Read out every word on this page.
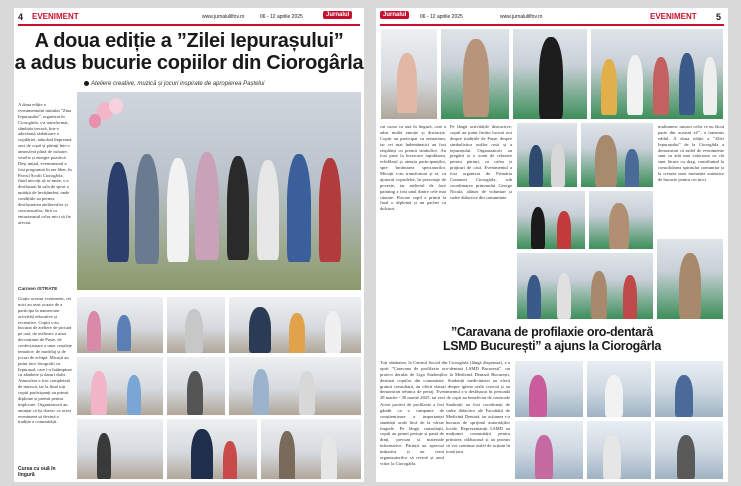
4 EVENIMENT	www.jurnalulilfov.ro	06 - 12 aprilie 2025	Jurnalul
A doua ediție a ”Zilei Iepurașului”
a adus bucurie copiilor din Ciorogârla
Ateliere creative, muzică și jocuri inspirate de apropierea Paștelui
A doua ediție a evenimentului intitulat ”Ziua Iepurașului”, organizat în Ciorogârla, s-a transformat, sâmbăta trecută, într-o adevărată sărbătoare a copilăriei, aducând împreună zeci de copii și părinți într-o atmosferă plină de culoare, veselie și energie pozitivă. Deși inițial, evenimentul a fost programat în aer liber, în Parcul Școlii Ciorogârla, fiind nevoiți să se mute, s-a desfășurat în sala de sport a unității de învățământ, unde condițiile au permis desfășurarea ateliererilor și concursurilor, fără ca entuziasmul celor mici să fie afectat.
Carmen ISTRATE
Grație acestui eveniment, cei mici au avut ocazia de a participa la numeroase activități educative și recreative. Copiii s-au bucurat de ateliere de pictură pe ouă, de realizare a unor decorațiuni de Paște, de confecționare a unor coșulețe tematice, de modelaj și de jocuri de echipă. Micuții au putut face fotografii cu Iepurașul, care i-a întâmpinat cu zâmbete și daruri dulci. Atmosfera a fost completată de muzică, iar la final toți copiii participanți au primit diplome și premii pentru implicare. Organizatorii au anunțat că își doresc ca acest eveniment să devină o tradiție a comunității.
Cursa cu ouă în lingură
Jurnalul	06 - 12 aprilie 2025	www.jurnalulilfov.ro	EVENIMENT 5
cat cursa cu ouă în lingură, care a adus multă emoție și distracție. Copiii au participat cu entuziasm, iar cei mai îndemânatici au fost răsplătiți cu premii simbolice. Au fost puse la încercare rapiditatea, echilibrul și atenția participanților, spre încântarea spectatorilor. Micuții s-au transformat și ei, cu ajutorul vopselelor, în personaje de poveste, iar atelierul de face painting a fost unul dintre cele mai căutate. Fiecare copil a primit la final o diplomă și un pachet cu dulciuri.
Pe lângă activitățile distractive, copiii au putut învăța lucruri noi despre tradițiile de Paște, despre simbolistica ouălor roșii și a iepurașului. Organizatorii au pregătit și o zonă de relaxare pentru părinți, cu cafea și prăjituri de casă. Evenimentul a fost organizat de Primăria Comunei Ciorogârla, sub coordonarea primarului George Nicula, alături de voluntari și cadre didactice din comunitate.
multumesc tuturor celor ce au făcut parte din această zi!”, a transmis edilul. A doua ediție a ”Zilei Iepurașului” de la Ciorogârla a demonstrat că astfel de evenimente sunt cu atât mai valoroase cu cât sunt făcute cu drag, contribuind la consolidarea spiritului comunitar și la crearea unor momente autentice de bucurie pentru cei mici.
”Caravana de profilaxie oro-dentară
LSMD București” a ajuns la Ciorogârla
Toți sănătatea, la Centrul Social din Ciorogârla (lângă dispensar), s-a oprit ”Caravana de profilaxie oro-dentară LSMD București”, un proiect derulat de Liga Studenților la Medicină Dentară București, destinat copiilor din comunitate. Studenții medicinistei au oferit gratuit consultații, au oferit sfaturi despre igiena orală corectă și au demonstrat tehnica de periaj. Evenimentul s-a desfășurat în perioada 28 martie - 30 martie 2025, iar zeci de copii au beneficiat de controale
Acest proiect de profilaxie a fost gândit ca o campanie de conștientizare a importanței sănătății orale încă de la vârste fragede. Pe lângă consultații, copiii au primit periuțe și pastă de dinți, precum și materiale informative. Părinții au apreciat inițiativa și au cerut organizatorilor să revină și anul viitor la Ciorogârla.
Studenții au fost coordonați de cadre didactice ale Facultății de Medicină Dentară, iar acțiunea s-a bucurat de sprijinul autorităților locale. Reprezentanții LSMD au mulțumit comunității pentru primirea călduroasă și au promis că vor continua astfel de acțiuni în toată țara.
